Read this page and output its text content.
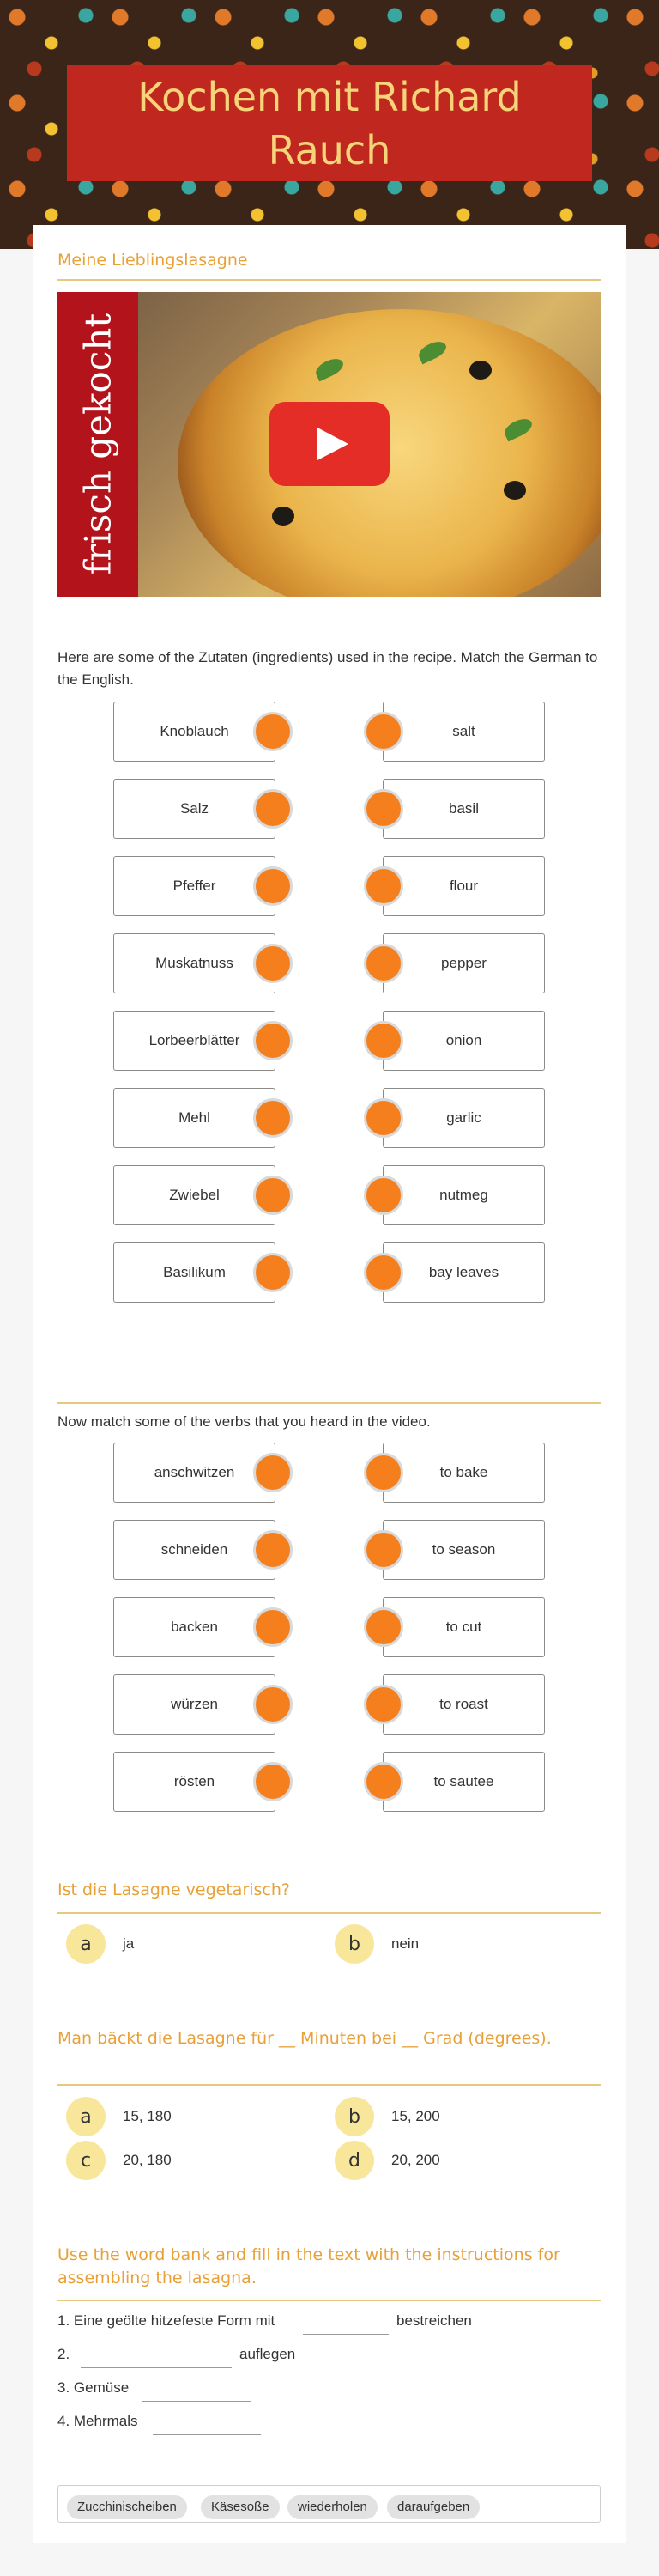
Kochen mit Richard Rauch
Meine Lieblingslasagne
frisch gekocht
Here are some of the Zutaten (ingredients) used in the recipe. Match the German to the English.
Knoblauch	salt
Salz	basil
Pfeffer	flour
Muskatnuss	pepper
Lorbeerblätter	onion
Mehl	garlic
Zwiebel	nutmeg
Basilikum	bay leaves
Now match some of the verbs that you heard in the video.
anschwitzen	to bake
schneiden	to season
backen	to cut
würzen	to roast
rösten	to sautee
Ist die Lasagne vegetarisch?
a	ja	b	nein
Man bäckt die Lasagne für __ Minuten bei __ Grad (degrees).
a	15, 180	b	15, 200
c	20, 180	d	20, 200
Use the word bank and fill in the text with the instructions for assembling the lasagna.
1. Eine geölte hitzefeste Form mit	bestreichen
2.	auflegen
3. Gemüse
4. Mehrmals
Zucchinischeiben	Käsesoße	wiederholen	daraufgeben
